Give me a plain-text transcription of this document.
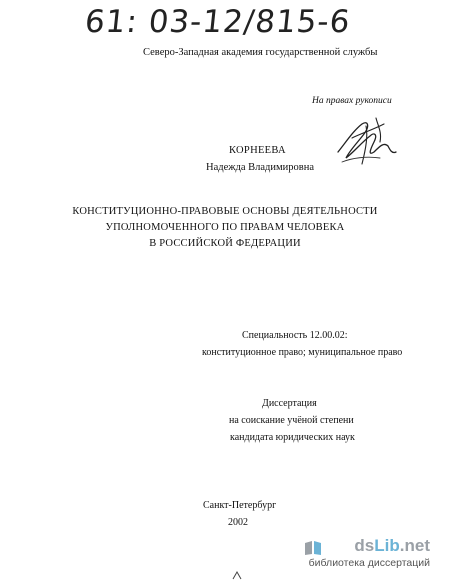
61: 03-12/815-6
Северо-Западная академия государственной службы
На правах рукописи
КОРНЕЕВА
Надежда Владимировна
КОНСТИТУЦИОННО-ПРАВОВЫЕ ОСНОВЫ ДЕЯТЕЛЬНОСТИ
УПОЛНОМОЧЕННОГО ПО ПРАВАМ ЧЕЛОВЕКА
В РОССИЙСКОЙ ФЕДЕРАЦИИ
Специальность 12.00.02:
конституционное право; муниципальное право
Диссертация
на соискание учёной степени
кандидата юридических наук
Санкт-Петербург
2002
dsLib.net
библиотека диссертаций
